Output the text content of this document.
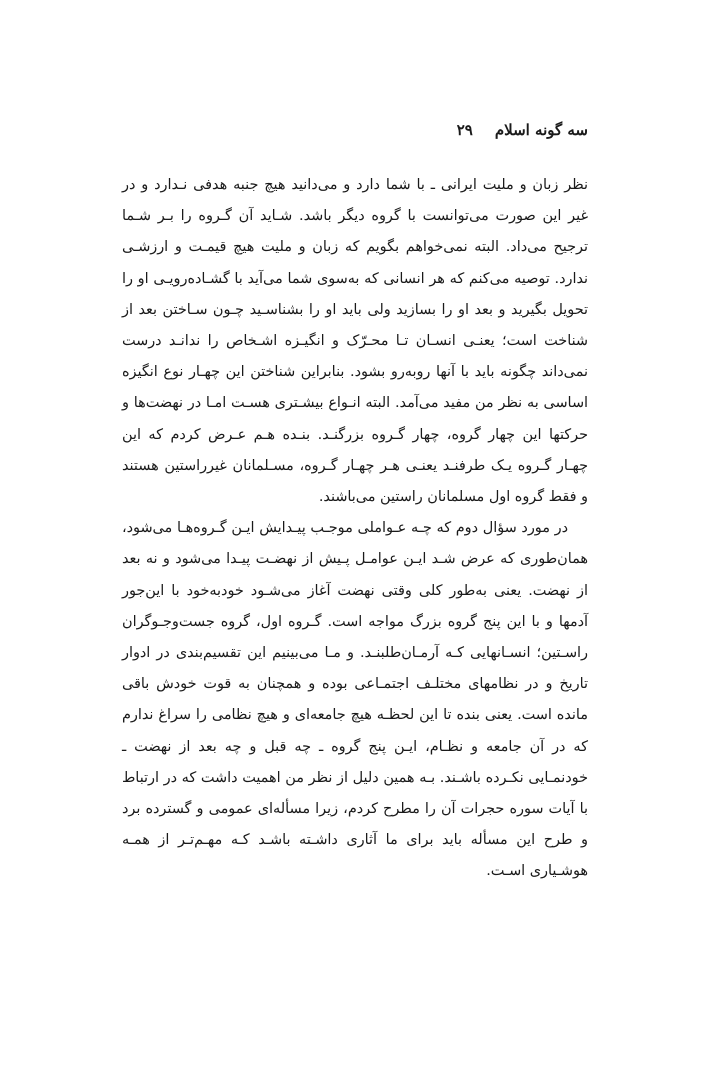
سه گونه اسلام۲۹

نظر زبان و ملیت ایرانی ـ با شما دارد و می‌دانید هیچ جنبه هدفی نـدارد و در غیر این صورت می‌توانست با گروه دیگر باشد. شـاید آن گـروه را بـر شـما ترجیح می‌داد. البته نمی‌خواهم بگویم که زبان و ملیت هیچ قیمـت و ارزشـی ندارد. توصیه می‌کنم که هر انسانی که به‌سوی شما می‌آید با گشـاده‌رویـی او را تحویل بگیرید و بعد او را بسازید ولی باید او را بشناسـید چـون سـاختن بعد از شناخت است؛ یعنـی انسـان تـا محـرّک و انگیـزه اشـخاص را ندانـد درست نمی‌داند چگونه باید با آنها روبه‌رو بشود. بنابراین شناختن این چهـار نوع انگیزه اساسی به نظر من مفید می‌آمد. البته انـواع بیشـتری هسـت امـا در نهضت‌ها و حرکتها این چهار گروه، چهار گـروه بزرگنـد. بنـده هـم عـرض کردم که این چهـار گـروه یـک طرفنـد یعنـی هـر چهـار گـروه، مسـلمانان غیرراستین هستند و فقط گروه اول مسلمانان راستین می‌باشند.

در مورد سؤال دوم که چـه عـواملی موجـب پیـدایش ایـن گـروه‌هـا می‌شود، همان‌طوری که عرض شـد ایـن عوامـل پـیش از نهضـت پیـدا می‌شود و نه بعد از نهضت. یعنی به‌طور کلی وقتی نهضت آغاز می‌شـود خودبه‌خود با این‌جور آدمها و با این پنج گروه بزرگ مواجه است. گـروه اول، گروه جست‌وجـوگران راسـتین؛ انسـانهایی کـه آرمـان‌طلبنـد. و مـا می‌بینیم این تقسیم‌بندی در ادوار تاریخ و در نظامهای مختلـف اجتمـاعی بوده و همچنان به قوت خودش باقی مانده است. یعنی بنده تا این لحظـه هیچ جامعه‌ای و هیچ نظامی را سراغ ندارم که در آن جامعه و نظـام، ایـن پنج گروه ـ چه قبل و چه بعد از نهضت ـ خودنمـایی نکـرده باشـند. بـه همین دلیل از نظر من اهمیت داشت که در ارتباط با آیات سوره حجرات آن را مطرح کردم، زیرا مسأله‌ای عمومی و گسترده برد و طرح این مسأله باید برای ما آثاری داشـته باشـد کـه مهـم‌تـر از همـه هوشـیاری اسـت.
